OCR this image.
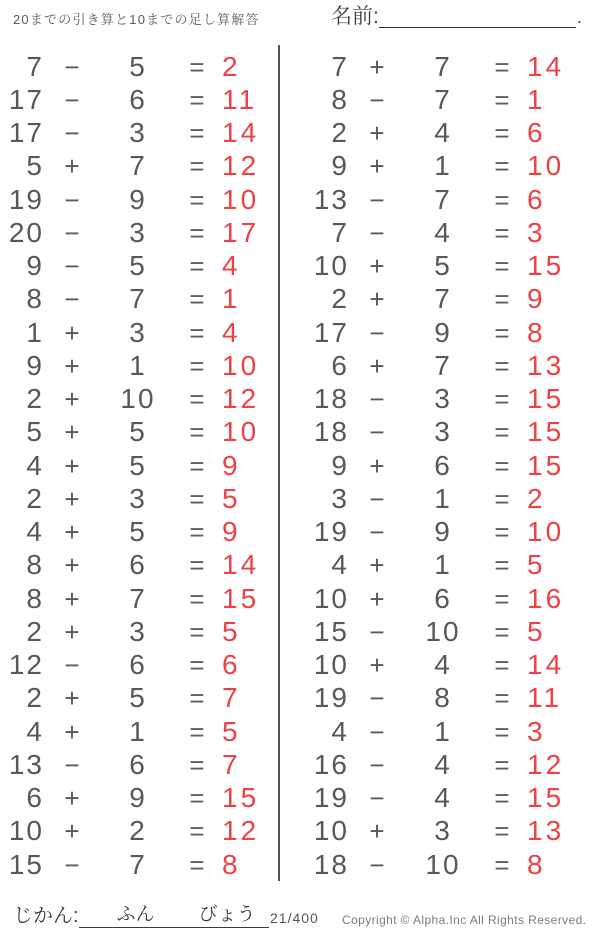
20までの引き算と10までの足し算解答	名前:	.
7 −	5	= 2
17 −	6	= 11
17 −	3	= 14
5 +	7	= 12
19 −	9	= 10
20 −	3	= 17
9 −	5	= 4
8 −	7	= 1
1 +	3	= 4
9 +	1	= 10
2 +	10	= 12
5 +	5	= 10
4 +	5	= 9
2 +	3	= 5
4 +	5	= 9
8 +	6	= 14
8 +	7	= 15
2 +	3	= 5
12 −	6	= 6
2 +	5	= 7
4 +	1	= 5
13 −	6	= 7
6 +	9	= 15
10 +	2	= 12
15 −	7	= 8
7 +	7	= 14
8 −	7	= 1
2 +	4	= 6
9 +	1	= 10
13 −	7	= 6
7 −	4	= 3
10 +	5	= 15
2 +	7	= 9
17 −	9	= 8
6 +	7	= 13
18 −	3	= 15
18 −	3	= 15
9 +	6	= 15
3 −	1	= 2
19 −	9	= 10
4 +	1	= 5
10 +	6	= 16
15 −	10	= 5
10 +	4	= 14
19 −	8	= 11
4 −	1	= 3
16 −	4	= 12
19 −	4	= 15
10 +	3	= 13
18 −	10	= 8
じかん: ふん びょう 21/400 Copyright © Alpha.Inc All Rights Reserved.
